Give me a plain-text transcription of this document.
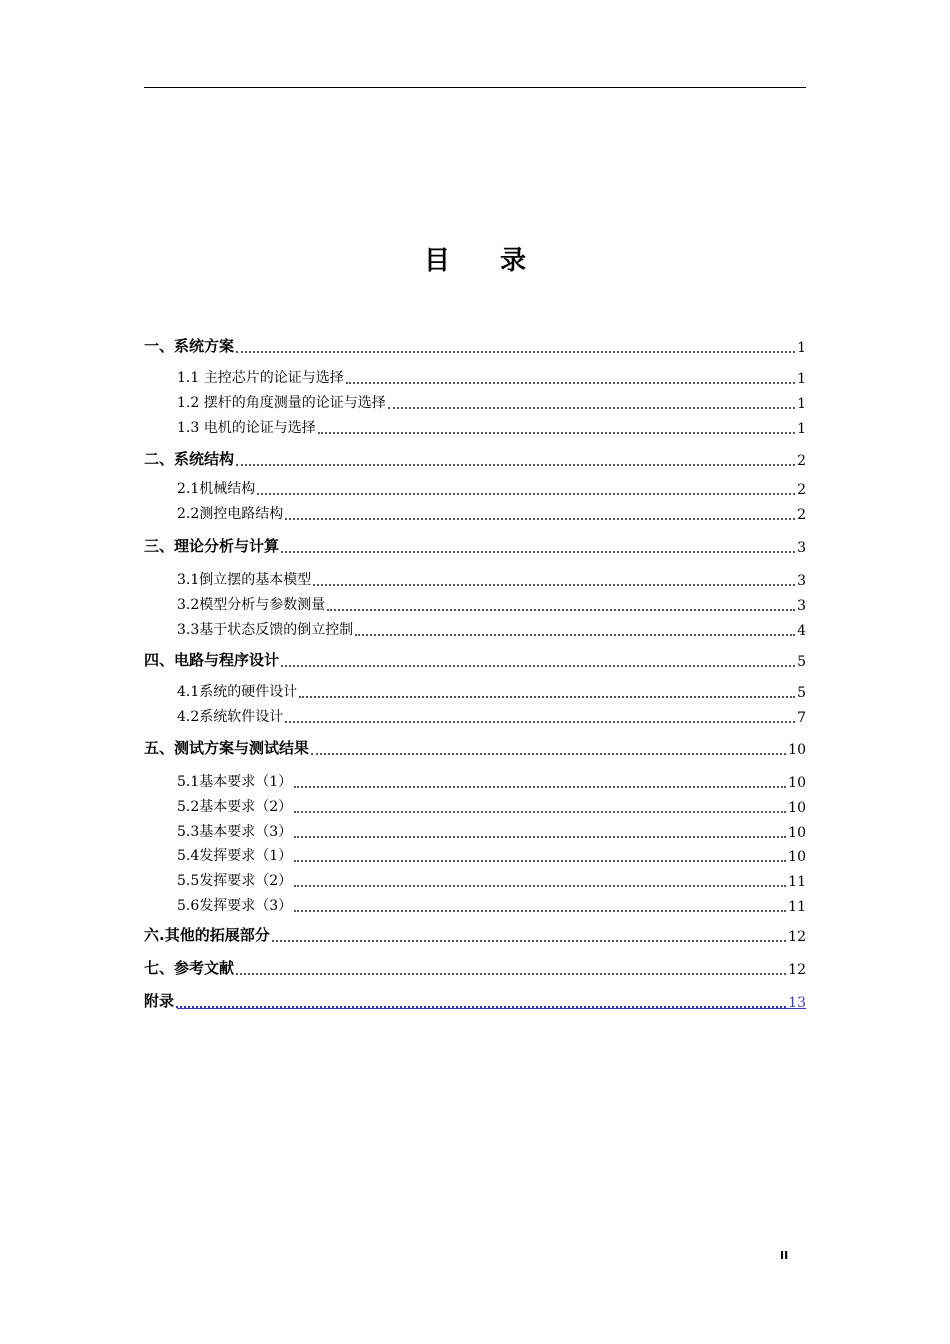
目 录
一、系统方案	1
1.1 主控芯片的论证与选择	1
1.2 摆杆的角度测量的论证与选择	1
1.3 电机的论证与选择	1
二、系统结构	2
2.1机械结构	2
2.2测控电路结构	2
三、理论分析与计算	3
3.1倒立摆的基本模型	3
3.2模型分析与参数测量	3
3.3基于状态反馈的倒立控制	4
四、电路与程序设计	5
4.1系统的硬件设计	5
4.2系统软件设计	7
五、测试方案与测试结果	10
5.1基本要求（1）	10
5.2基本要求（2）	10
5.3基本要求（3）	10
5.4发挥要求（1）	10
5.5发挥要求（2）	11
5.6发挥要求（3）	11
六.其他的拓展部分	12
七、参考文献	12
附录	13
II
